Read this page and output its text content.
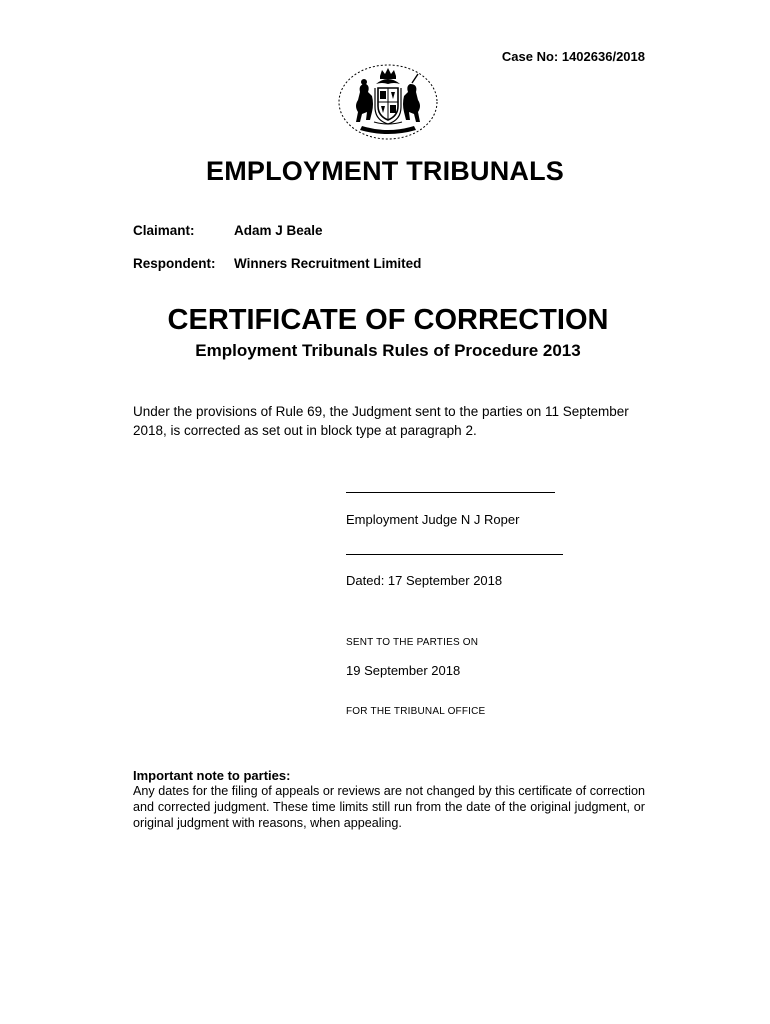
Case No: 1402636/2018
EMPLOYMENT TRIBUNALS
Claimant:	Adam J Beale
Respondent: Winners Recruitment Limited
CERTIFICATE OF CORRECTION
Employment Tribunals Rules of Procedure 2013
Under the provisions of Rule 69, the Judgment sent to the parties on 11 September 2018, is corrected as set out in block type at paragraph 2.
Employment Judge N J Roper
Dated: 17 September 2018
SENT TO THE PARTIES ON
19 September 2018
FOR THE TRIBUNAL OFFICE
Important note to parties:
Any dates for the filing of appeals or reviews are not changed by this certificate of correction and corrected judgment. These time limits still run from the date of the original judgment, or original judgment with reasons, when appealing.
